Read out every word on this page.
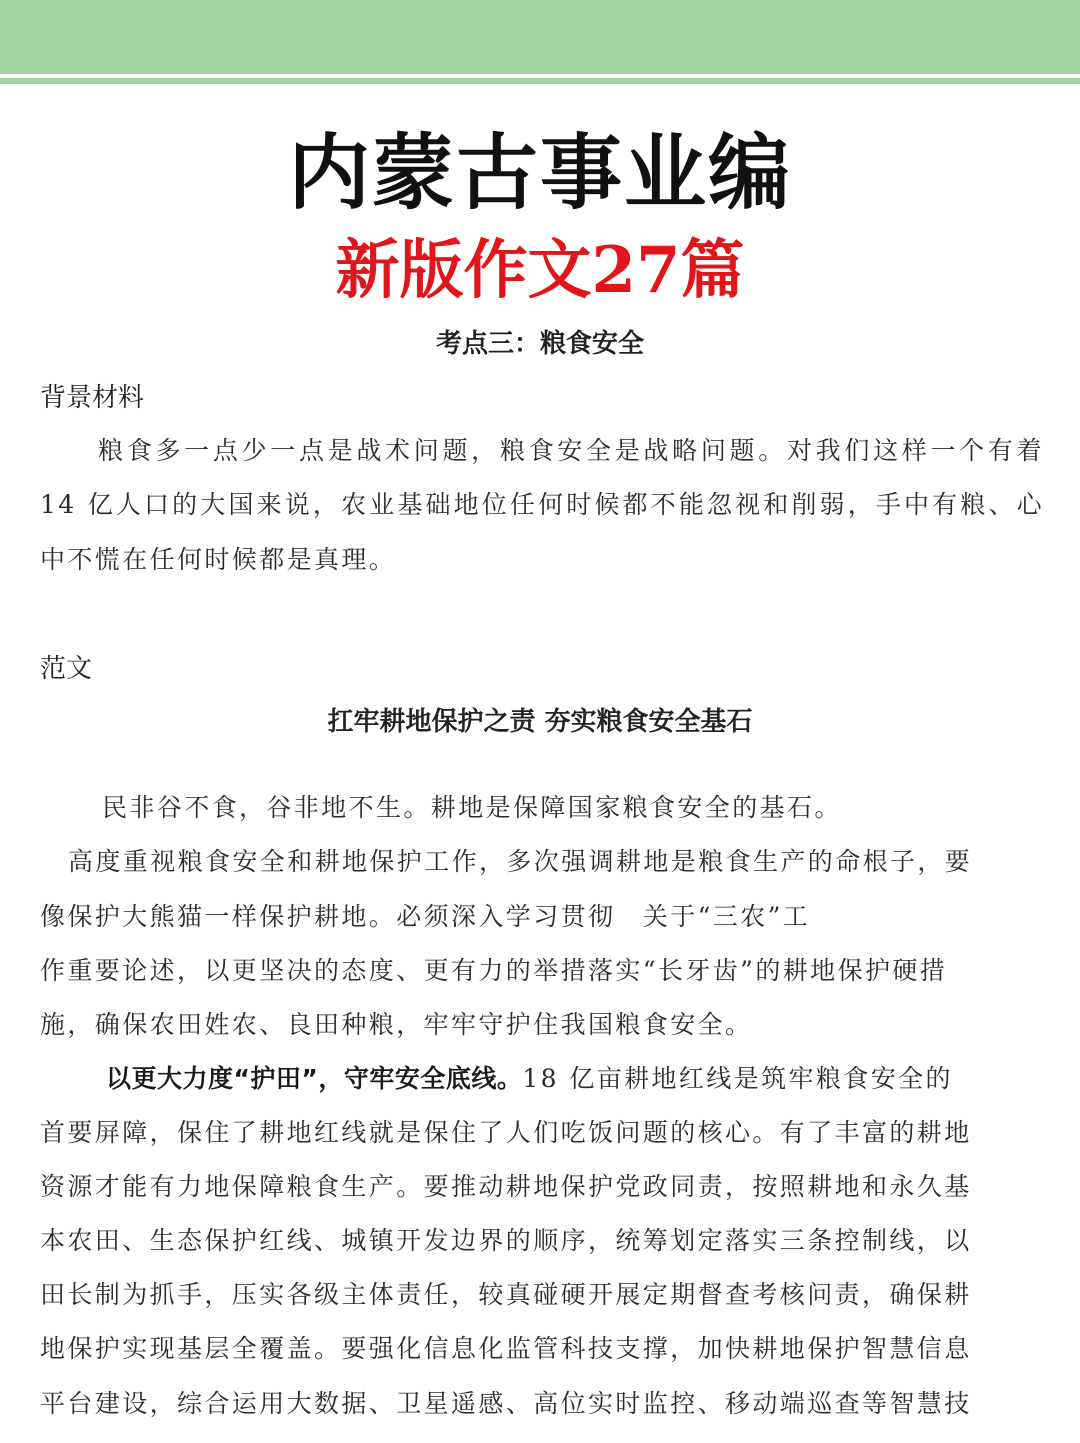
内蒙古事业编
新版作文27篇
考点三：粮食安全
背景材料
粮食多一点少一点是战术问题，粮食安全是战略问题。对我们这样一个有着 14 亿人口的大国来说，农业基础地位任何时候都不能忽视和削弱，手中有粮、心中不慌在任何时候都是真理。
范文
扛牢耕地保护之责 夯实粮食安全基石
民非谷不食，谷非地不生。耕地是保障国家粮食安全的基石。
高度重视粮食安全和耕地保护工作，多次强调耕地是粮食生产的命根子，要
像保护大熊猫一样保护耕地。必须深入学习贯彻　关于“三农”工
作重要论述，以更坚决的态度、更有力的举措落实“长牙齿”的耕地保护硬措
施，确保农田姓农、良田种粮，牢牢守护住我国粮食安全。
以更大力度“护田”，守牢安全底线。18 亿亩耕地红线是筑牢粮食安全的
首要屏障，保住了耕地红线就是保住了人们吃饭问题的核心。有了丰富的耕地
资源才能有力地保障粮食生产。要推动耕地保护党政同责，按照耕地和永久基
本农田、生态保护红线、城镇开发边界的顺序，统筹划定落实三条控制线，以
田长制为抓手，压实各级主体责任，较真碰硬开展定期督查考核问责，确保耕
地保护实现基层全覆盖。要强化信息化监管科技支撑，加快耕地保护智慧信息
平台建设，综合运用大数据、卫星遥感、高位实时监控、移动端巡查等智慧技
